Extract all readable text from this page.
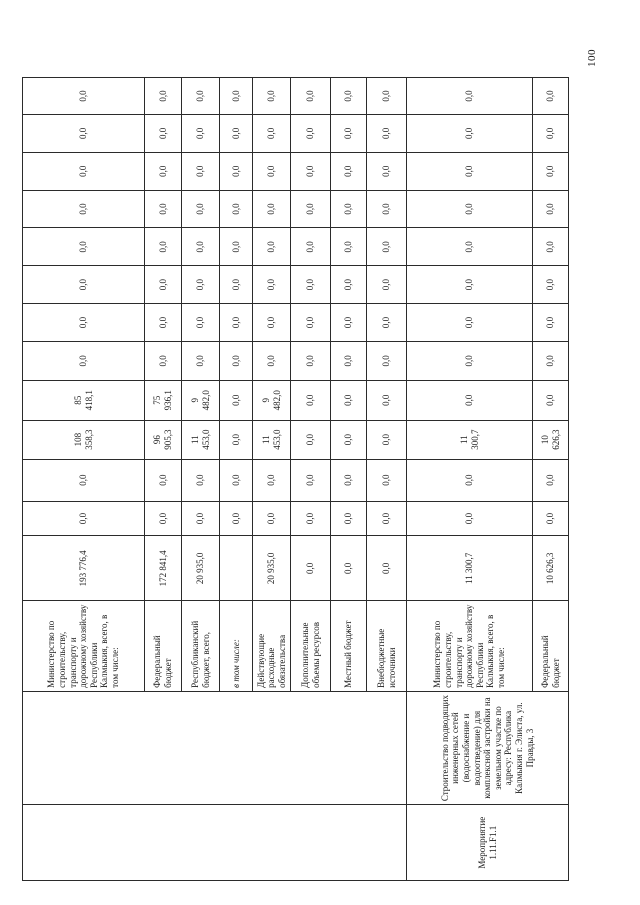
100
		Министерство по строительству, транспорту и дорожному хозяйству Республики Калмыкия, всего, в том числе:	193 776,4	0,0	0,0	108
358,3	85
418,1	0,0	0,0	0,0	0,0	0,0	0,0	0,0	0,0
		Федеральный бюджет	172 841,4	0,0	0,0	96
905,3	75
936,1	0,0	0,0	0,0	0,0	0,0	0,0	0,0	0,0
		Республиканский бюджет, всего,	20 935,0	0,0	0,0	11
453,0	9
482,0	0,0	0,0	0,0	0,0	0,0	0,0	0,0	0,0
		в том числе:		0,0	0,0	0,0	0,0	0,0	0,0	0,0	0,0	0,0	0,0	0,0	0,0
		Действующие расходные обязательства	20 935,0	0,0	0,0	11
453,0	9
482,0	0,0	0,0	0,0	0,0	0,0	0,0	0,0	0,0
		Дополнительные объемы ресурсов	0,0	0,0	0,0	0,0	0,0	0,0	0,0	0,0	0,0	0,0	0,0	0,0	0,0
		Местный бюджет	0,0	0,0	0,0	0,0	0,0	0,0	0,0	0,0	0,0	0,0	0,0	0,0	0,0
		Внебюджетные источники	0,0	0,0	0,0	0,0	0,0	0,0	0,0	0,0	0,0	0,0	0,0	0,0	0,0
Мероприятие 1.11.F1.1	Строительство подводящих инженерных сетей (водоснабжение и водоотведение) для комплексной застройки на земельном участке по адресу: Республика Калмыкия г. Элиста, ул. Правды, 3	Министерство по строительству, транспорту и дорожному хозяйству Республики Калмыкия, всего, в том числе:	11 300,7	0,0	0,0	11
300,7	0,0	0,0	0,0	0,0	0,0	0,0	0,0	0,0	0,0
		Федеральный бюджет	10 626,3	0,0	0,0	10
626,3	0,0	0,0	0,0	0,0	0,0	0,0	0,0	0,0	0,0
